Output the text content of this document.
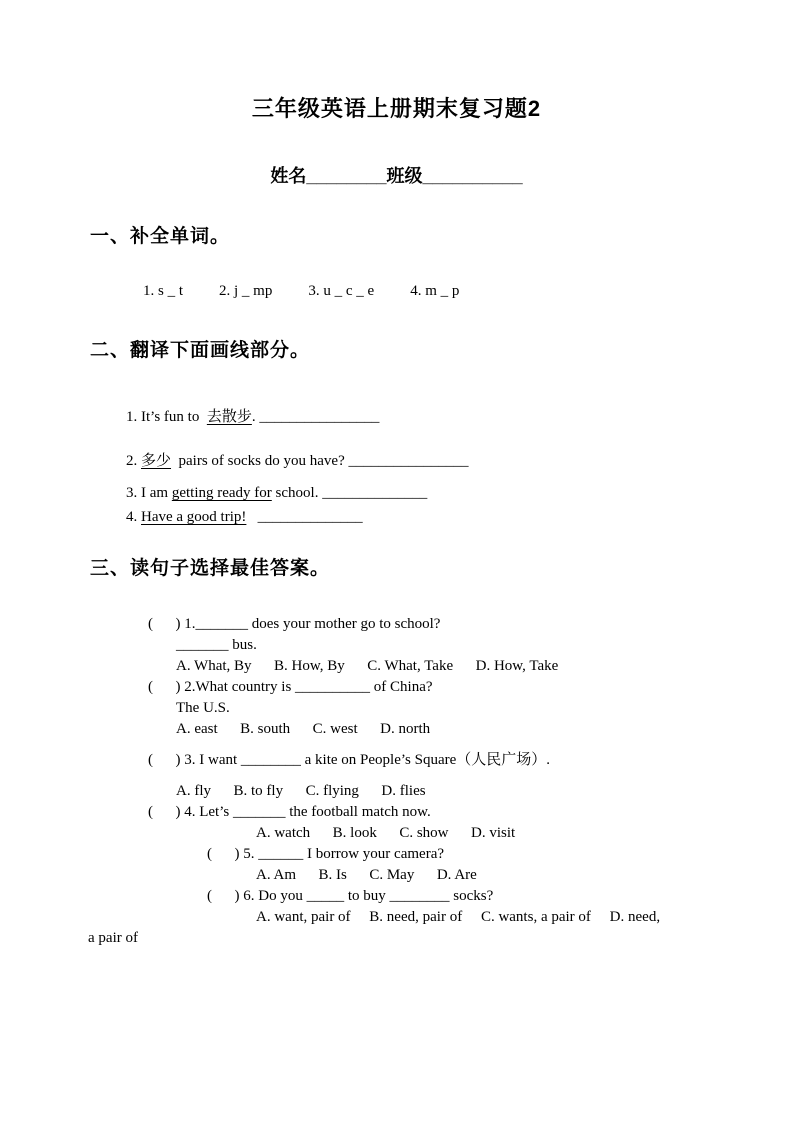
三年级英语上册期末复习题2
姓名________班级__________
一、补全单词。
1. s _ t 2. j _ mp 3. u _ c _ e 4. m _ p
二、翻译下面画线部分。
1. It’s fun to  去散步. ________________
2. 多少  pairs of socks do you have? ________________
3. I am getting ready for school. ______________
4. Have a good trip! ______________
三、读句子选择最佳答案。
(      ) 1._______ does your mother go to school?
_______ bus.
A. What, By      B. How, By      C. What, Take      D. How, Take
(      ) 2.What country is __________ of China?
The U.S.
A. east      B. south      C. west      D. north
(      ) 3. I want ________ a kite on People’s Square（人民广场）.
A. fly      B. to fly      C. flying      D. flies
(      ) 4. Let’s _______ the football match now.
A. watch      B. look      C. show      D. visit
(      ) 5. ______ I borrow your camera?
A. Am      B. Is      C. May      D. Are
(      ) 6. Do you _____ to buy ________ socks?
A. want, pair of     B. need, pair of     C. wants, a pair of     D. need,
a pair of
